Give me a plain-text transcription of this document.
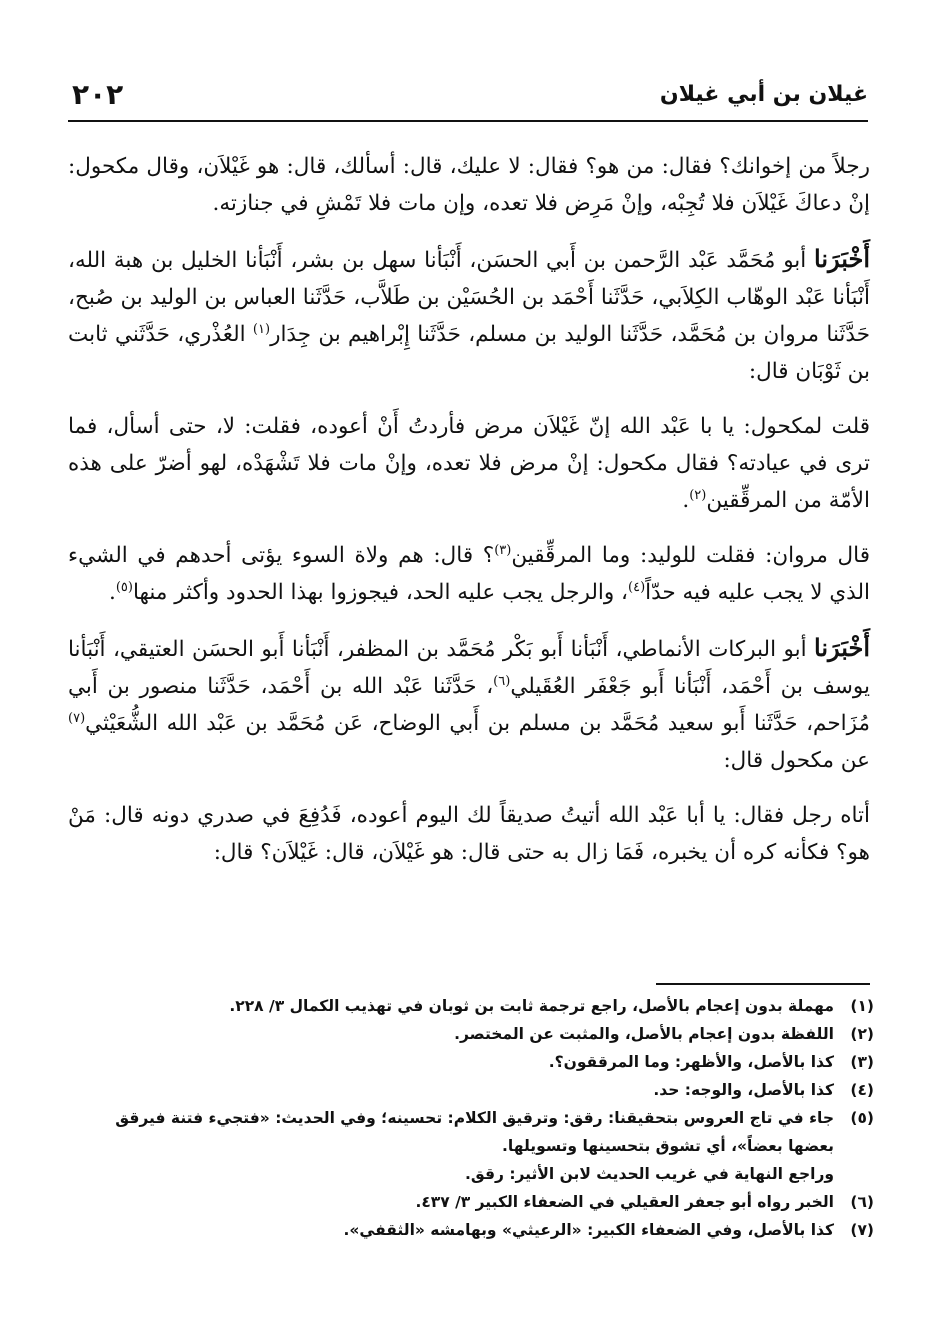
غيلان بن أبي غيلان
٢٠٢

رجلاً من إخوانك؟ فقال: من هو؟ فقال: لا عليك، قال: أسألك، قال: هو غَيْلاَن، وقال مكحول: إنْ دعاكَ غَيْلاَن فلا تُجِبْه، وإنْ مَرِض فلا تعده، وإن مات فلا تَمْشِ في جنازته.

أَخْبَرَنا أبو مُحَمَّد عَبْد الرَّحمن بن أَبي الحسَن، أَنْبَأنا سهل بن بشر، أَنْبَأنا الخليل بن هبة الله، أَنْبَأنا عَبْد الوهّاب الكِلاَبي، حَدَّثَنا أَحْمَد بن الحُسَيْن بن طَلاَّب، حَدَّثَنا العباس بن الوليد بن صُبح، حَدَّثَنا مروان بن مُحَمَّد، حَدَّثَنا الوليد بن مسلم، حَدَّثَنا إِبْراهيم بن جِدَار$^{(١)}$ العُذْري، حَدَّثَني ثابت بن ثَوْبَان قال:

قلت لمكحول: يا با عَبْد الله إنّ غَيْلاَن مرض فأردتُ أَنْ أعوده، فقلت: لا، حتى أسأل، فما ترى في عيادته؟ فقال مكحول: إنْ مرض فلا تعده، وإنْ مات فلا تَشْهَدْه، لهو أضرّ على هذه الأمّة من المرقِّقين$^{(٢)}$.

قال مروان: فقلت للوليد: وما المرقِّقين$^{(٣)}$؟ قال: هم ولاة السوء يؤتى أحدهم في الشيء الذي لا يجب عليه فيه حدّاً$^{(٤)}$، والرجل يجب عليه الحد، فيجوزوا بهذا الحدود وأكثر منها$^{(٥)}$.

أَخْبَرَنا أبو البركات الأنماطي، أَنْبَأنا أَبو بَكْر مُحَمَّد بن المظفر، أَنْبَأنا أَبو الحسَن العتيقي، أَنْبَأنا يوسف بن أَحْمَد، أَنْبَأنا أَبو جَعْفَر العُقَيلي$^{(٦)}$، حَدَّثَنا عَبْد الله بن أَحْمَد، حَدَّثَنا منصور بن أَبي مُزَاحم، حَدَّثَنا أَبو سعيد مُحَمَّد بن مسلم بن أَبي الوضاح، عَن مُحَمَّد بن عَبْد الله الشُّعَيْثي$^{(٧)}$ عن مكحول قال:

أتاه رجل فقال: يا أبا عَبْد الله أتيتُ صديقاً لك اليوم أعوده، فَدُفِعَ في صدري دونه قال: مَنْ هو؟ فكأنه كره أن يخبره، فَمَا زال به حتى قال: هو غَيْلاَن، قال: غَيْلاَن؟ قال:

(١)
مهملة بدون إعجام بالأصل، راجع ترجمة ثابت بن ثوبان في تهذيب الكمال ٣/ ٢٢٨.
(٢)
اللفظة بدون إعجام بالأصل، والمثبت عن المختصر.
(٣)
كذا بالأصل، والأظهر: وما المرققون؟.
(٤)
كذا بالأصل، والوجه: حد.
(٥)
جاء في تاج العروس بتحقيقنا: رقق: وترقيق الكلام: تحسينه؛ وفي الحديث: «فتجيء فتنة فيرقق بعضها بعضاً»، أي تشوق بتحسينها وتسويلها.
وراجع النهاية في غريب الحديث لابن الأثير: رقق.
(٦)
الخبر رواه أبو جعفر العقيلي في الضعفاء الكبير ٣/ ٤٣٧.
(٧)
كذا بالأصل، وفي الضعفاء الكبير: «الرعيثي» وبهامشه «الثقفي».
